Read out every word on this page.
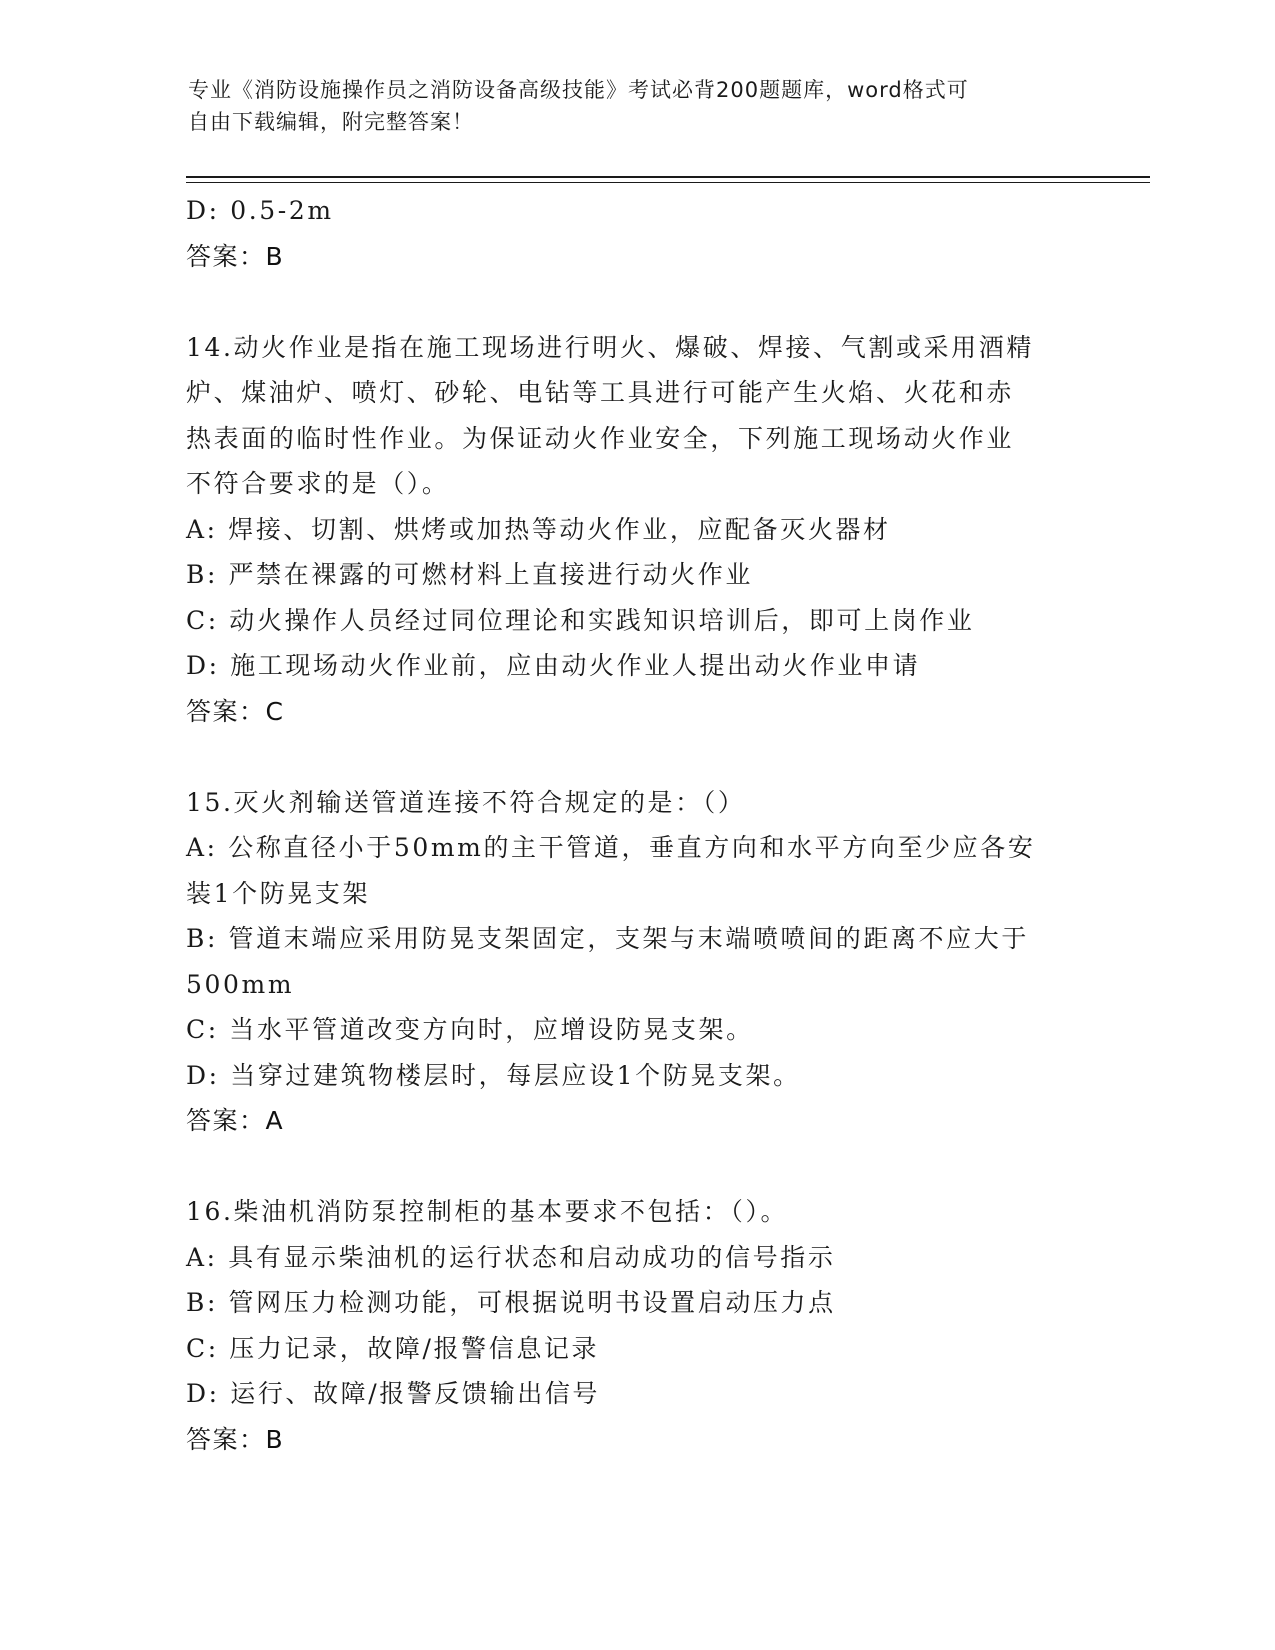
专业《消防设施操作员之消防设备高级技能》考试必背200题题库，word格式可
自由下载编辑，附完整答案！
D: 0.5-2m
答案：B
14.动火作业是指在施工现场进行明火、爆破、焊接、气割或采用酒精
炉、煤油炉、喷灯、砂轮、电钻等工具进行可能产生火焰、火花和赤
热表面的临时性作业。为保证动火作业安全，下列施工现场动火作业
不符合要求的是（）。
A: 焊接、切割、烘烤或加热等动火作业，应配备灭火器材
B: 严禁在裸露的可燃材料上直接进行动火作业
C: 动火操作人员经过同位理论和实践知识培训后，即可上岗作业
D: 施工现场动火作业前，应由动火作业人提出动火作业申请
答案：C
15.灭火剂输送管道连接不符合规定的是：（）
A: 公称直径小于50mm的主干管道，垂直方向和水平方向至少应各安
装1个防晃支架
B: 管道末端应采用防晃支架固定，支架与末端喷喷间的距离不应大于
500mm
C: 当水平管道改变方向时，应增设防晃支架。
D: 当穿过建筑物楼层时，每层应设1个防晃支架。
答案：A
16.柴油机消防泵控制柜的基本要求不包括：（）。
A: 具有显示柴油机的运行状态和启动成功的信号指示
B: 管网压力检测功能，可根据说明书设置启动压力点
C: 压力记录，故障/报警信息记录
D: 运行、故障/报警反馈输出信号
答案：B
